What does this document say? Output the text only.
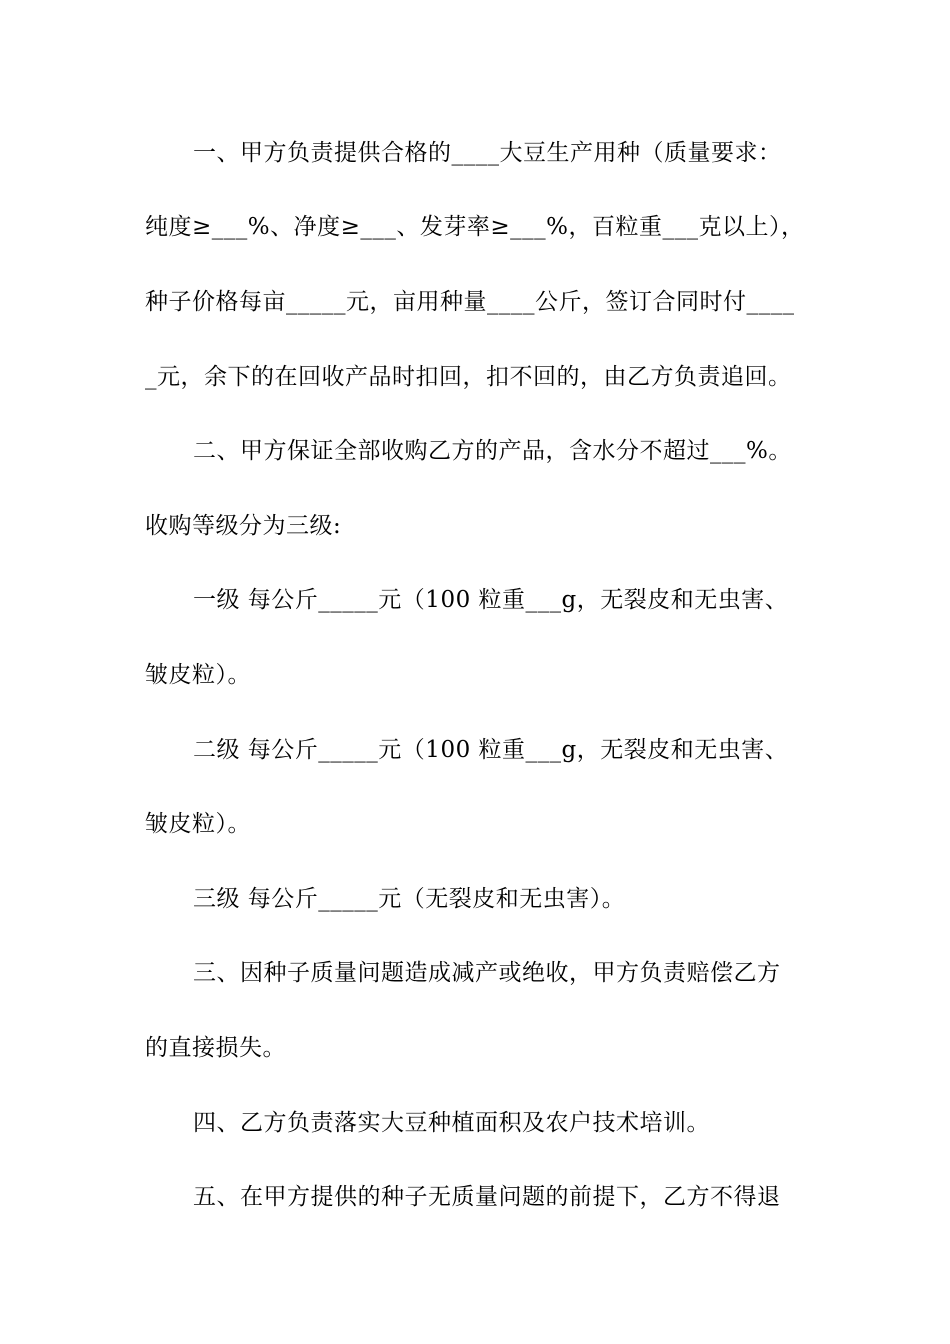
一、甲方负责提供合格的____大豆生产用种（质量要求：
纯度≥___%、净度≥___、发芽率≥___%，百粒重___克以上），
种子价格每亩_____元，亩用种量____公斤，签订合同时付____
_元，余下的在回收产品时扣回，扣不回的，由乙方负责追回。
二、甲方保证全部收购乙方的产品，含水分不超过___%。
收购等级分为三级:
一级 每公斤_____元（100 粒重___g，无裂皮和无虫害、
皱皮粒）。
二级 每公斤_____元（100 粒重___g，无裂皮和无虫害、
皱皮粒）。
三级 每公斤_____元（无裂皮和无虫害）。
三、因种子质量问题造成减产或绝收，甲方负责赔偿乙方
的直接损失。
四、乙方负责落实大豆种植面积及农户技术培训。
五、在甲方提供的种子无质量问题的前提下，乙方不得退
